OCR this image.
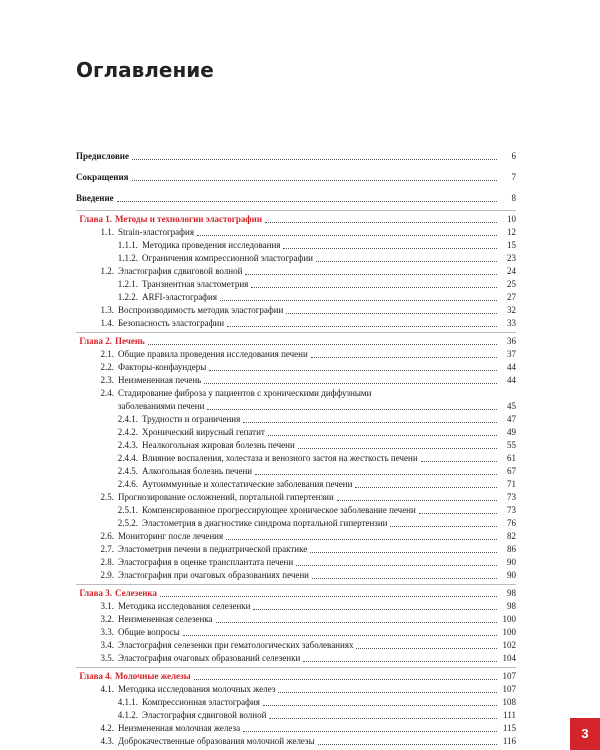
Оглавление
Предисловие	6
Сокращения	7
Введение	8
Глава 1. Методы и технологии эластографии	10
1.1. Strain-эластография	12
1.1.1. Методика проведения исследования	15
1.1.2. Ограничения компрессионной эластографии	23
1.2. Эластография сдвиговой волной	24
1.2.1. Транзиентная эластометрия	25
1.2.2. ARFI-эластография	27
1.3. Воспроизводимость методик эластографии	32
1.4. Безопасность эластографии	33
Глава 2. Печень	36
2.1. Общие правила проведения исследования печени	37
2.2. Факторы-конфаундеры	44
2.3. Неизмененная печень	44
2.4. Стадирование фиброза у пациентов с хроническими диффузными
заболеваниями печени	45
2.4.1. Трудности и ограничения	47
2.4.2. Хронический вирусный гепатит	49
2.4.3. Неалкогольная жировая болезнь печени	55
2.4.4. Влияние воспаления, холестаза и венозного застоя на жесткость печени	61
2.4.5. Алкогольная болезнь печени	67
2.4.6. Аутоиммунные и холестатические заболевания печени	71
2.5. Прогнозирование осложнений, портальной гипертензии	73
2.5.1. Компенсированное прогрессирующее хроническое заболевание печени	73
2.5.2. Эластометрия в диагностике синдрома портальной гипертензии	76
2.6. Мониторинг после лечения	82
2.7. Эластометрия печени в педиатрической практике	86
2.8. Эластография в оценке трансплантата печени	90
2.9. Эластография при очаговых образованиях печени	90
Глава 3. Селезенка	98
3.1. Методика исследования селезенки	98
3.2. Неизмененная селезенка	100
3.3. Общие вопросы	100
3.4. Эластография селезенки при гематологических заболеваниях	102
3.5. Эластография очаговых образований селезенки	104
Глава 4. Молочные железы	107
4.1. Методика исследования молочных желез	107
4.1.1. Компрессионная эластография	108
4.1.2. Эластография сдвиговой волной	111
4.2. Неизмененная молочная железа	115
4.3. Доброкачественные образования молочной железы	116	3
